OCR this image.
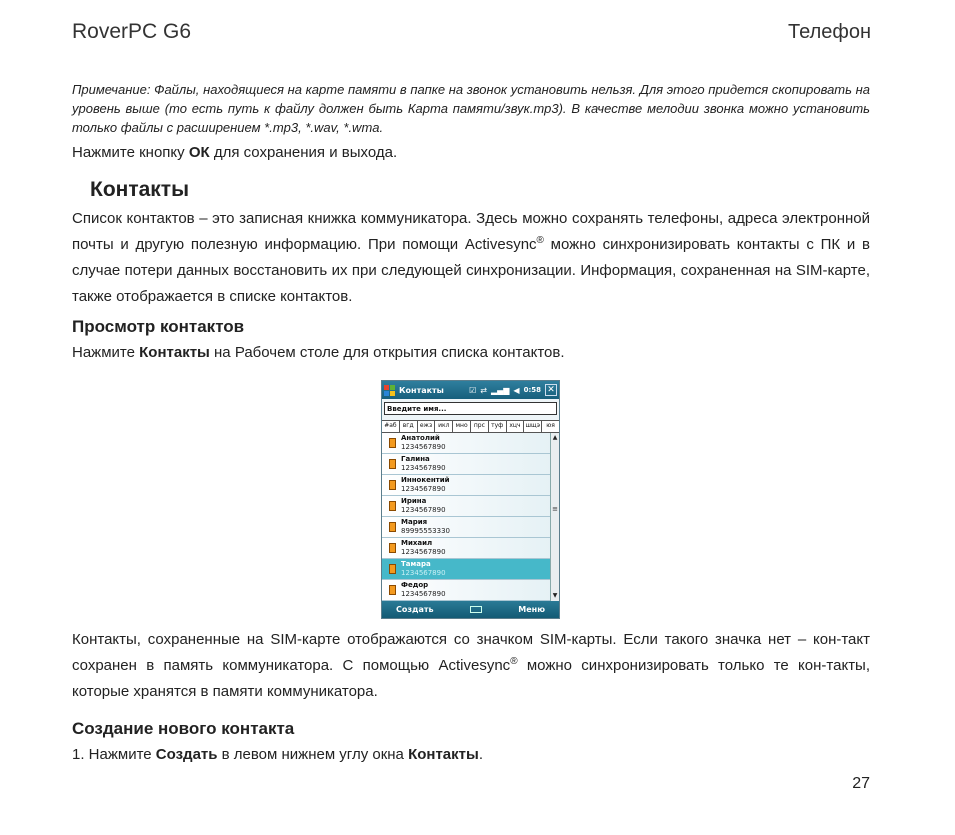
RoverPC G6	Телефон
Примечание: Файлы, находящиеся на карте памяти в папке на звонок установить нельзя. Для этого придется скопировать на уровень выше (то есть путь к файлу должен быть Карта памяти/звук.mp3). В качестве мелодии звонка можно установить только файлы с расширением *.mp3, *.wav, *.wma.
Нажмите кнопку ОК для сохранения и выхода.
Контакты
Список контактов – это записная книжка коммуникатора. Здесь можно сохранять телефоны, адреса электронной почты и другую полезную информацию. При помощи Activesync® можно синхронизировать контакты с ПК и в случае потери данных восстановить их при следующей синхронизации. Информация, сохраненная на SIM-карте, также отображается в списке контактов.
Просмотр контактов
Нажмите Контакты на Рабочем столе для открытия списка контактов.
Контакты	☑ ⇄ ▂▄▆ ◀ 0:58 ✕
Введите имя...
#аб	вгд	ежз икл	мно	прс	туф	хцч шщэ	юя
Анатолий
1234567890
Галина
1234567890
Иннокентий
1234567890
Ирина
1234567890
Мария
89995553330
Михаил
1234567890
Тамара
1234567890
Федор
1234567890
▲
≡
▼
Создать	Меню
Контакты, сохраненные на SIM-карте отображаются со значком SIM-карты. Если такого значка нет – кон-такт сохранен в память коммуникатора. С помощью Activesync® можно синхронизировать только те кон-такты, которые хранятся в памяти коммуникатора.
Создание нового контакта
1. Нажмите Создать в левом нижнем углу окна Контакты.
27
